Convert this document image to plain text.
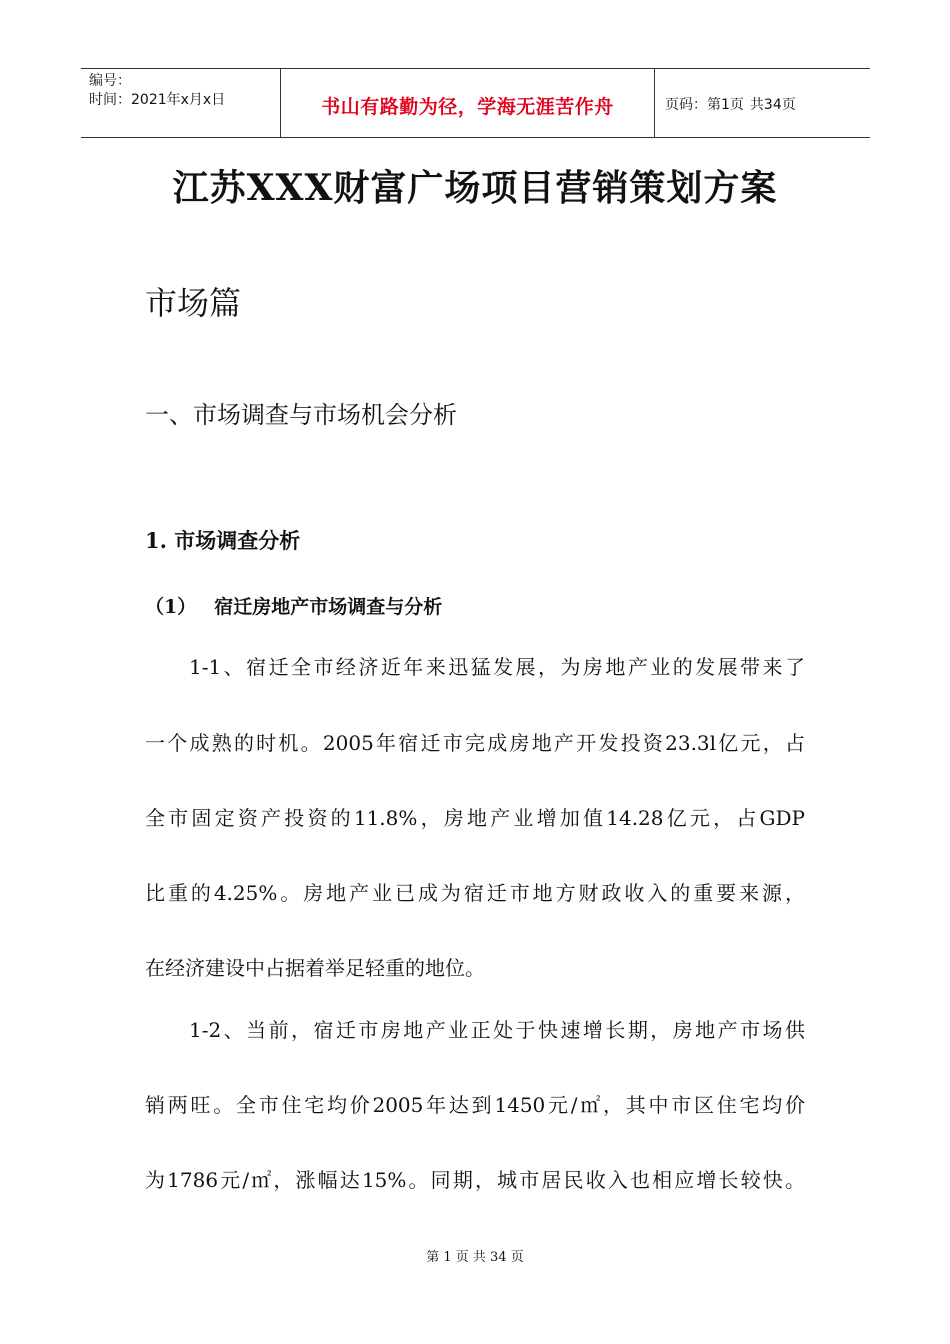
编号：
时间：2021年x月x日	书山有路勤为径，学海无涯苦作舟	页码：第1页 共34页
江苏XXX财富广场项目营销策划方案
市场篇
一、市场调查与市场机会分析
1. 市场调查分析
（1） 宿迁房地产市场调查与分析
1-1、宿迁全市经济近年来迅猛发展，为房地产业的发展带来了
一个成熟的时机。2005年宿迁市完成房地产开发投资23.3l亿元，占
全市固定资产投资的11.8%，房地产业增加值14.28亿元，占GDP
比重的4.25%。房地产业已成为宿迁市地方财政收入的重要来源，
在经济建设中占据着举足轻重的地位。
1-2、当前，宿迁市房地产业正处于快速增长期，房地产市场供
销两旺。全市住宅均价2005年达到1450元/㎡，其中市区住宅均价
为1786元/㎡，涨幅达15%。同期，城市居民收入也相应增长较快。
第 1 页 共 34 页
